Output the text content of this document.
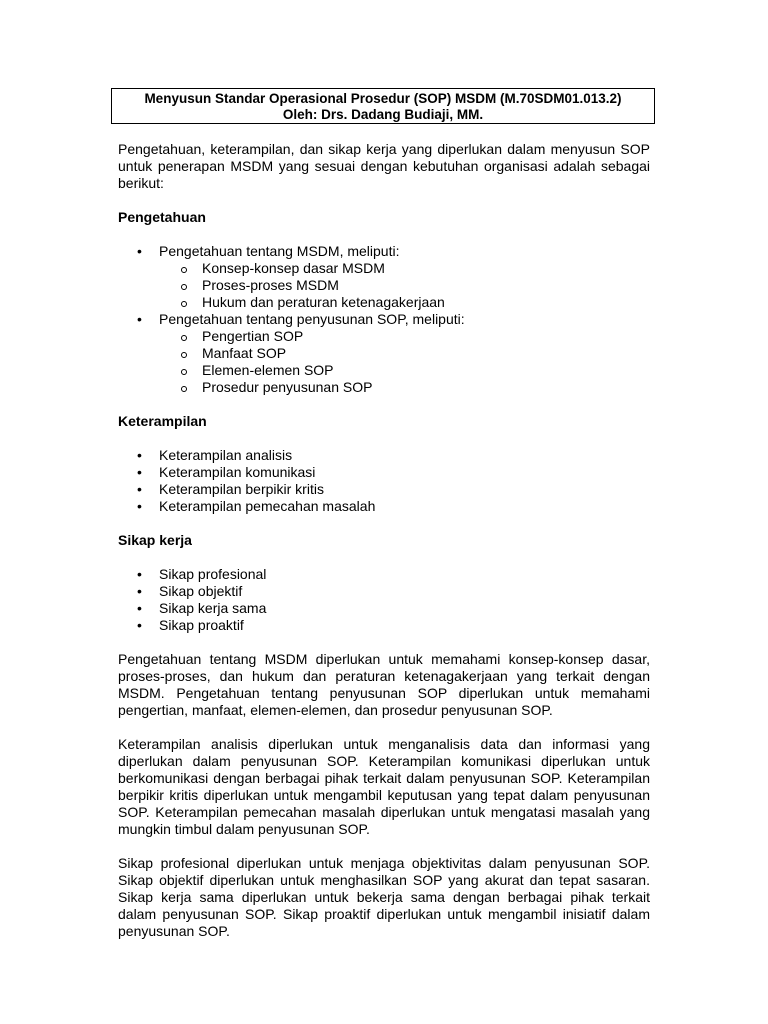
Menyusun Standar Operasional Prosedur (SOP) MSDM (M.70SDM01.013.2)
Oleh: Drs. Dadang Budiaji, MM.

Pengetahuan, keterampilan, dan sikap kerja yang diperlukan dalam menyusun SOP untuk penerapan MSDM yang sesuai dengan kebutuhan organisasi adalah sebagai berikut:

Pengetahuan
• Pengetahuan tentang MSDM, meliputi:
Konsep-konsep dasar MSDM
Proses-proses MSDM
Hukum dan peraturan ketenagakerjaan
• Pengetahuan tentang penyusunan SOP, meliputi:
Pengertian SOP
Manfaat SOP
Elemen-elemen SOP
Prosedur penyusunan SOP
Keterampilan
• Keterampilan analisis
• Keterampilan komunikasi
• Keterampilan berpikir kritis
• Keterampilan pemecahan masalah
Sikap kerja
• Sikap profesional
• Sikap objektif
• Sikap kerja sama
• Sikap proaktif

Pengetahuan tentang MSDM diperlukan untuk memahami konsep-konsep dasar, proses-proses, dan hukum dan peraturan ketenagakerjaan yang terkait dengan MSDM. Pengetahuan tentang penyusunan SOP diperlukan untuk memahami pengertian, manfaat, elemen-elemen, dan prosedur penyusunan SOP.

Keterampilan analisis diperlukan untuk menganalisis data dan informasi yang diperlukan dalam penyusunan SOP. Keterampilan komunikasi diperlukan untuk berkomunikasi dengan berbagai pihak terkait dalam penyusunan SOP. Keterampilan berpikir kritis diperlukan untuk mengambil keputusan yang tepat dalam penyusunan SOP. Keterampilan pemecahan masalah diperlukan untuk mengatasi masalah yang mungkin timbul dalam penyusunan SOP.

Sikap profesional diperlukan untuk menjaga objektivitas dalam penyusunan SOP. Sikap objektif diperlukan untuk menghasilkan SOP yang akurat dan tepat sasaran. Sikap kerja sama diperlukan untuk bekerja sama dengan berbagai pihak terkait dalam penyusunan SOP. Sikap proaktif diperlukan untuk mengambil inisiatif dalam penyusunan SOP.
